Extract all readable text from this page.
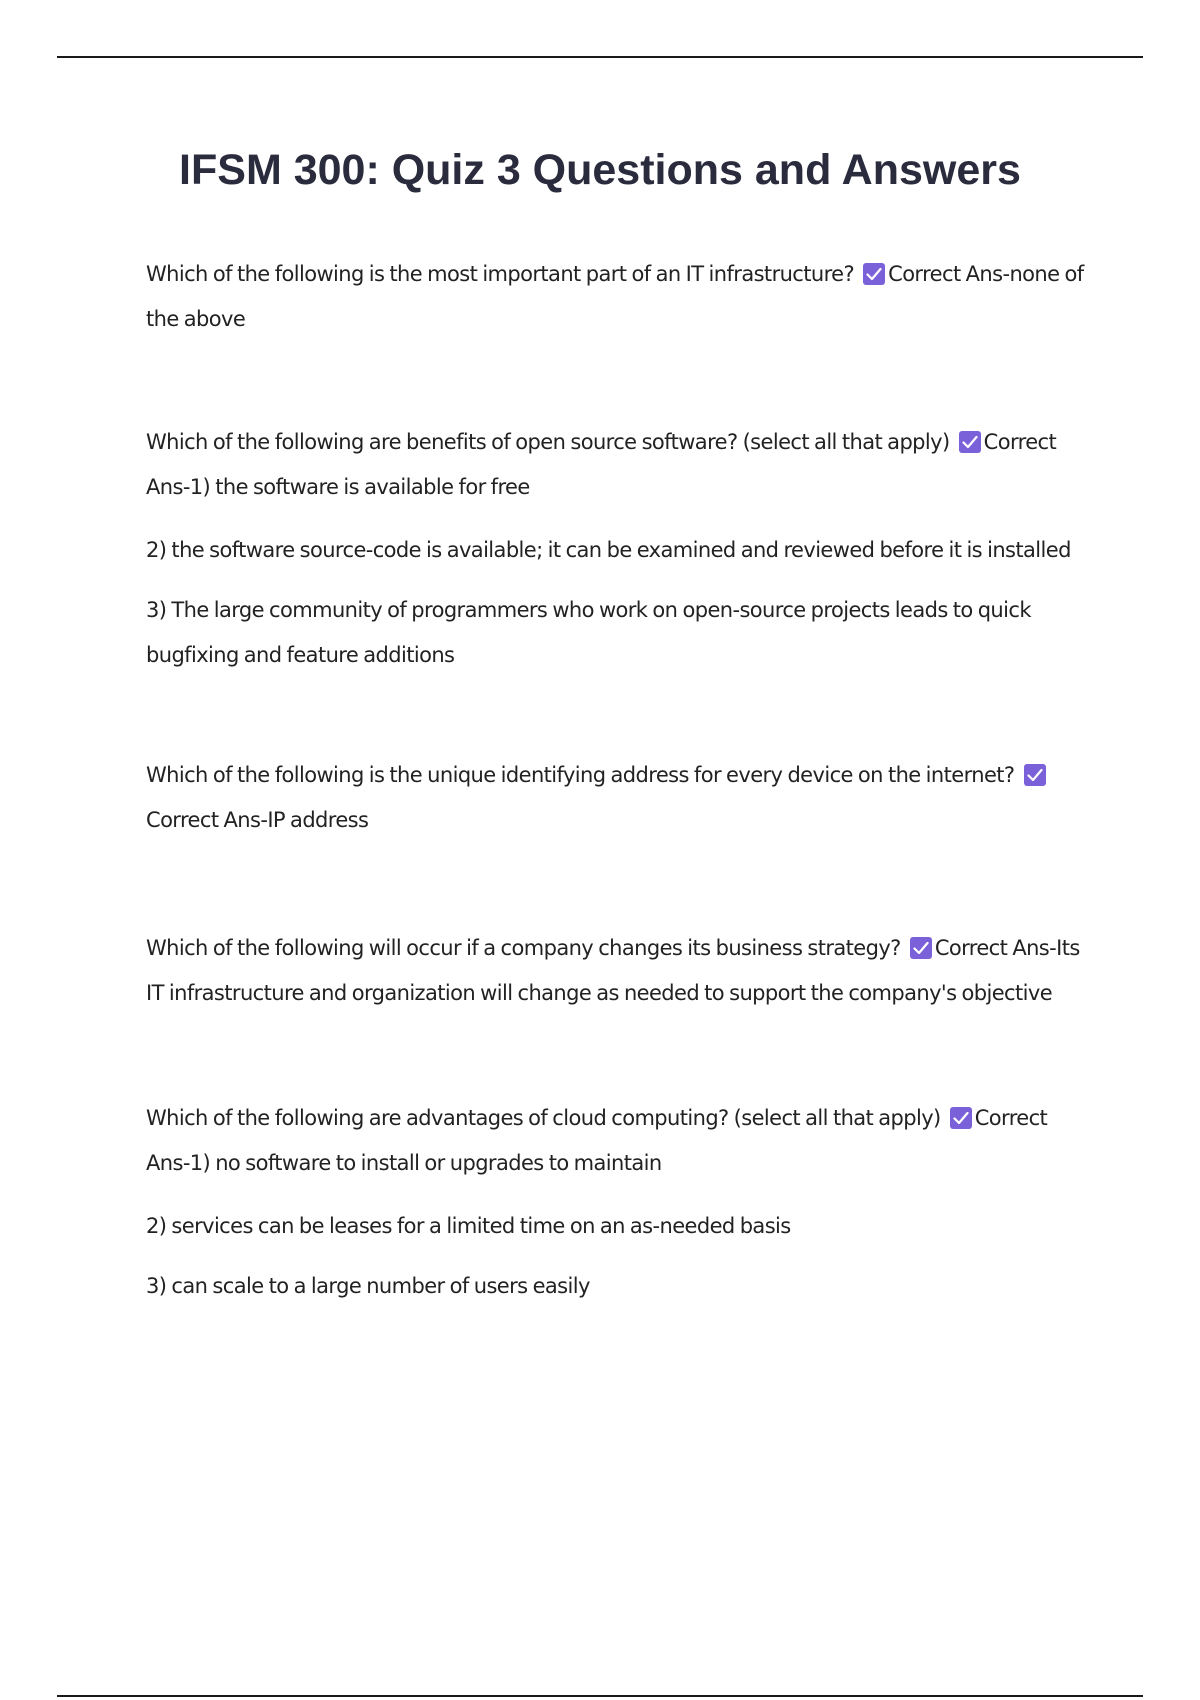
IFSM 300: Quiz 3 Questions and Answers

Which of the following is the most important part of an IT infrastructure? Correct Ans-none of the above

Which of the following are benefits of open source software? (select all that apply) Correct Ans-1) the software is available for free

2) the software source-code is available; it can be examined and reviewed before it is installed

3) The large community of programmers who work on open-source projects leads to quick bugfixing and feature additions

Which of the following is the unique identifying address for every device on the internet?
Correct Ans-IP address

Which of the following will occur if a company changes its business strategy? Correct Ans-Its IT infrastructure and organization will change as needed to support the company's objective

Which of the following are advantages of cloud computing? (select all that apply) Correct Ans-1) no software to install or upgrades to maintain

2) services can be leases for a limited time on an as-needed basis

3) can scale to a large number of users easily
